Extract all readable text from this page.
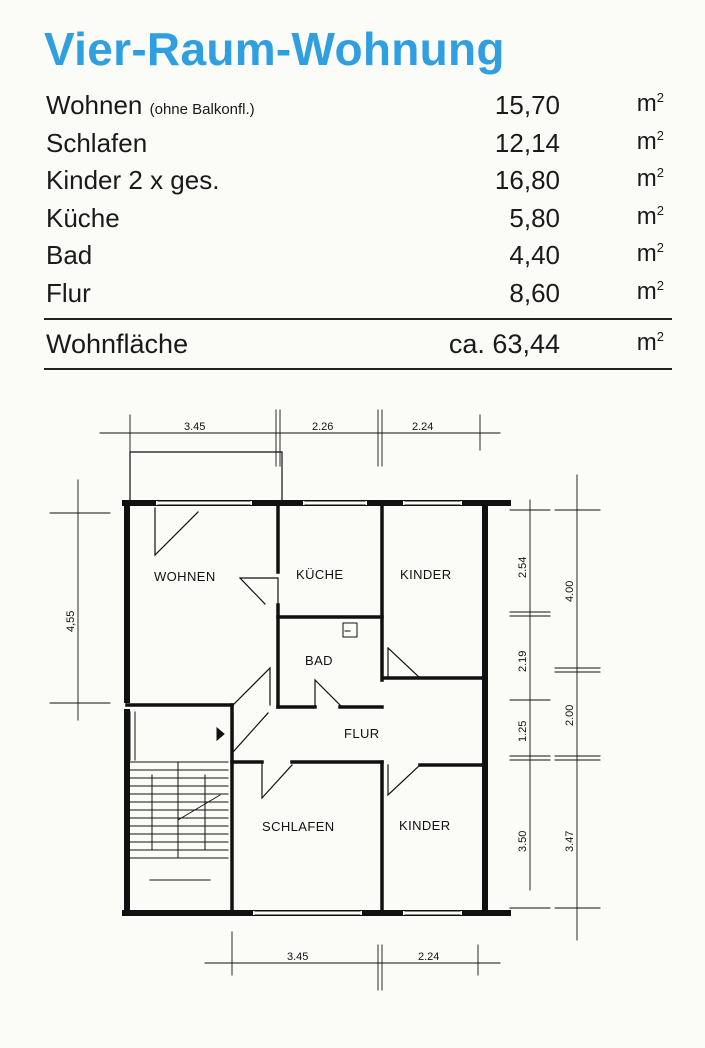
Vier-Raum-Wohnung
Wohnen (ohne Balkonfl.)	15,70	$m^2$
Schlafen	12,14	$m^2$
Kinder 2 x ges.	16,80	$m^2$
Küche	5,80	$m^2$
Bad	4,40	$m^2$
Flur	8,60	$m^2$
Wohnfläche	ca. 63,44	$m^2$
WOHNEN	KÜCHE	KINDER
BAD
FLUR
SCHLAFEN	KINDER
3.45	2.26	2.24
3.45	2.24
4,55
2.54
2.19
1.25
3.50
4.00
2.00
3.47
